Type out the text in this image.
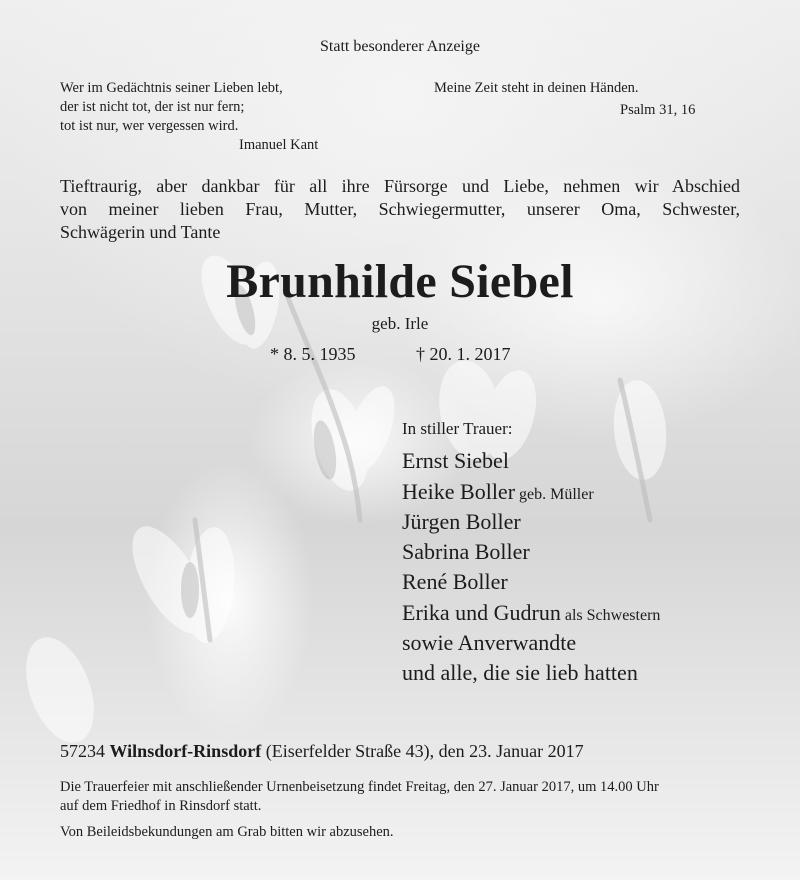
Statt besonderer Anzeige
Wer im Gedächtnis seiner Lieben lebt,
der ist nicht tot, der ist nur fern;
tot ist nur, wer vergessen wird.
Imanuel Kant
Meine Zeit steht in deinen Händen.
Psalm 31, 16
Tieftraurig, aber dankbar für all ihre Fürsorge und Liebe, nehmen wir Abschied
von meiner lieben Frau, Mutter, Schwiegermutter, unserer Oma, Schwester,
Schwägerin und Tante
Brunhilde Siebel
geb. Irle
* 8. 5. 1935	† 20. 1. 2017
In stiller Trauer:
Ernst Siebel
Heike Boller geb. Müller
Jürgen Boller
Sabrina Boller
René Boller
Erika und Gudrun als Schwestern
sowie Anverwandte
und alle, die sie lieb hatten
57234 Wilnsdorf-Rinsdorf (Eiserfelder Straße 43), den 23. Januar 2017
Die Trauerfeier mit anschließender Urnenbeisetzung findet Freitag, den 27. Januar 2017, um 14.00 Uhr
auf dem Friedhof in Rinsdorf statt.
Von Beileidsbekundungen am Grab bitten wir abzusehen.
